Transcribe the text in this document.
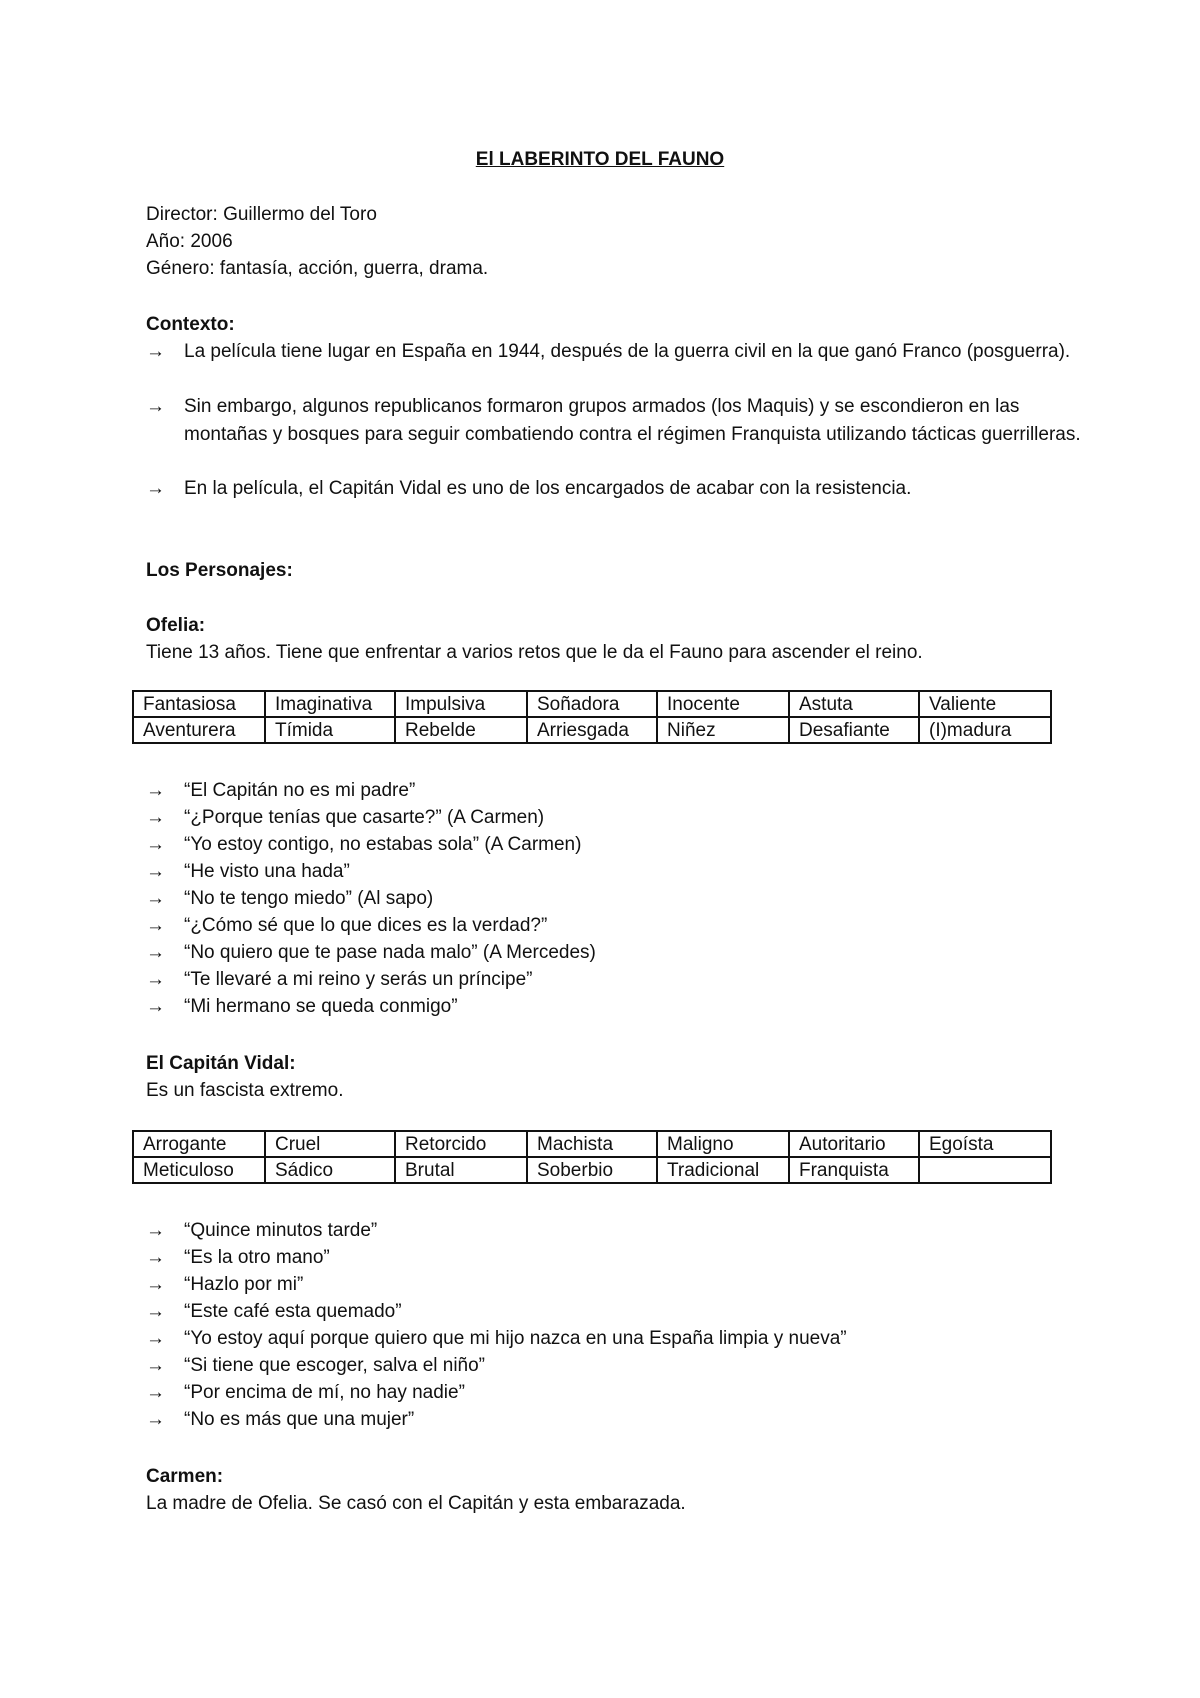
El LABERINTO DEL FAUNO
Director: Guillermo del Toro
Año: 2006
Género: fantasía, acción, guerra, drama.
Contexto:
→	La película tiene lugar en España en 1944, después de la guerra civil en la que ganó Franco (posguerra).
→	Sin embargo, algunos republicanos formaron grupos armados (los Maquis) y se escondieron en las montañas y bosques para seguir combatiendo contra el régimen Franquista utilizando tácticas guerrilleras.
→	En la película, el Capitán Vidal es uno de los encargados de acabar con la resistencia.
Los Personajes:
Ofelia:
Tiene 13 años. Tiene que enfrentar a varios retos que le da el Fauno para ascender el reino.
Fantasiosa	Imaginativa	Impulsiva	Soñadora	Inocente	Astuta	Valiente
Aventurera	Tímida	Rebelde	Arriesgada	Niñez	Desafiante	(I)madura
→	“El Capitán no es mi padre”
→	“¿Porque tenías que casarte?” (A Carmen)
→	“Yo estoy contigo, no estabas sola” (A Carmen)
→	“He visto una hada”
→	“No te tengo miedo” (Al sapo)
→	“¿Cómo sé que lo que dices es la verdad?”
→	“No quiero que te pase nada malo” (A Mercedes)
→	“Te llevaré a mi reino y serás un príncipe”
→	“Mi hermano se queda conmigo”
El Capitán Vidal:
Es un fascista extremo.
Arrogante	Cruel	Retorcido	Machista	Maligno	Autoritario	Egoísta
Meticuloso	Sádico	Brutal	Soberbio	Tradicional	Franquista	
→	“Quince minutos tarde”
→	“Es la otro mano”
→	“Hazlo por mi”
→	“Este café esta quemado”
→	“Yo estoy aquí porque quiero que mi hijo nazca en una España limpia y nueva”
→	“Si tiene que escoger, salva el niño”
→	“Por encima de mí, no hay nadie”
→	“No es más que una mujer”
Carmen:
La madre de Ofelia. Se casó con el Capitán y esta embarazada.
